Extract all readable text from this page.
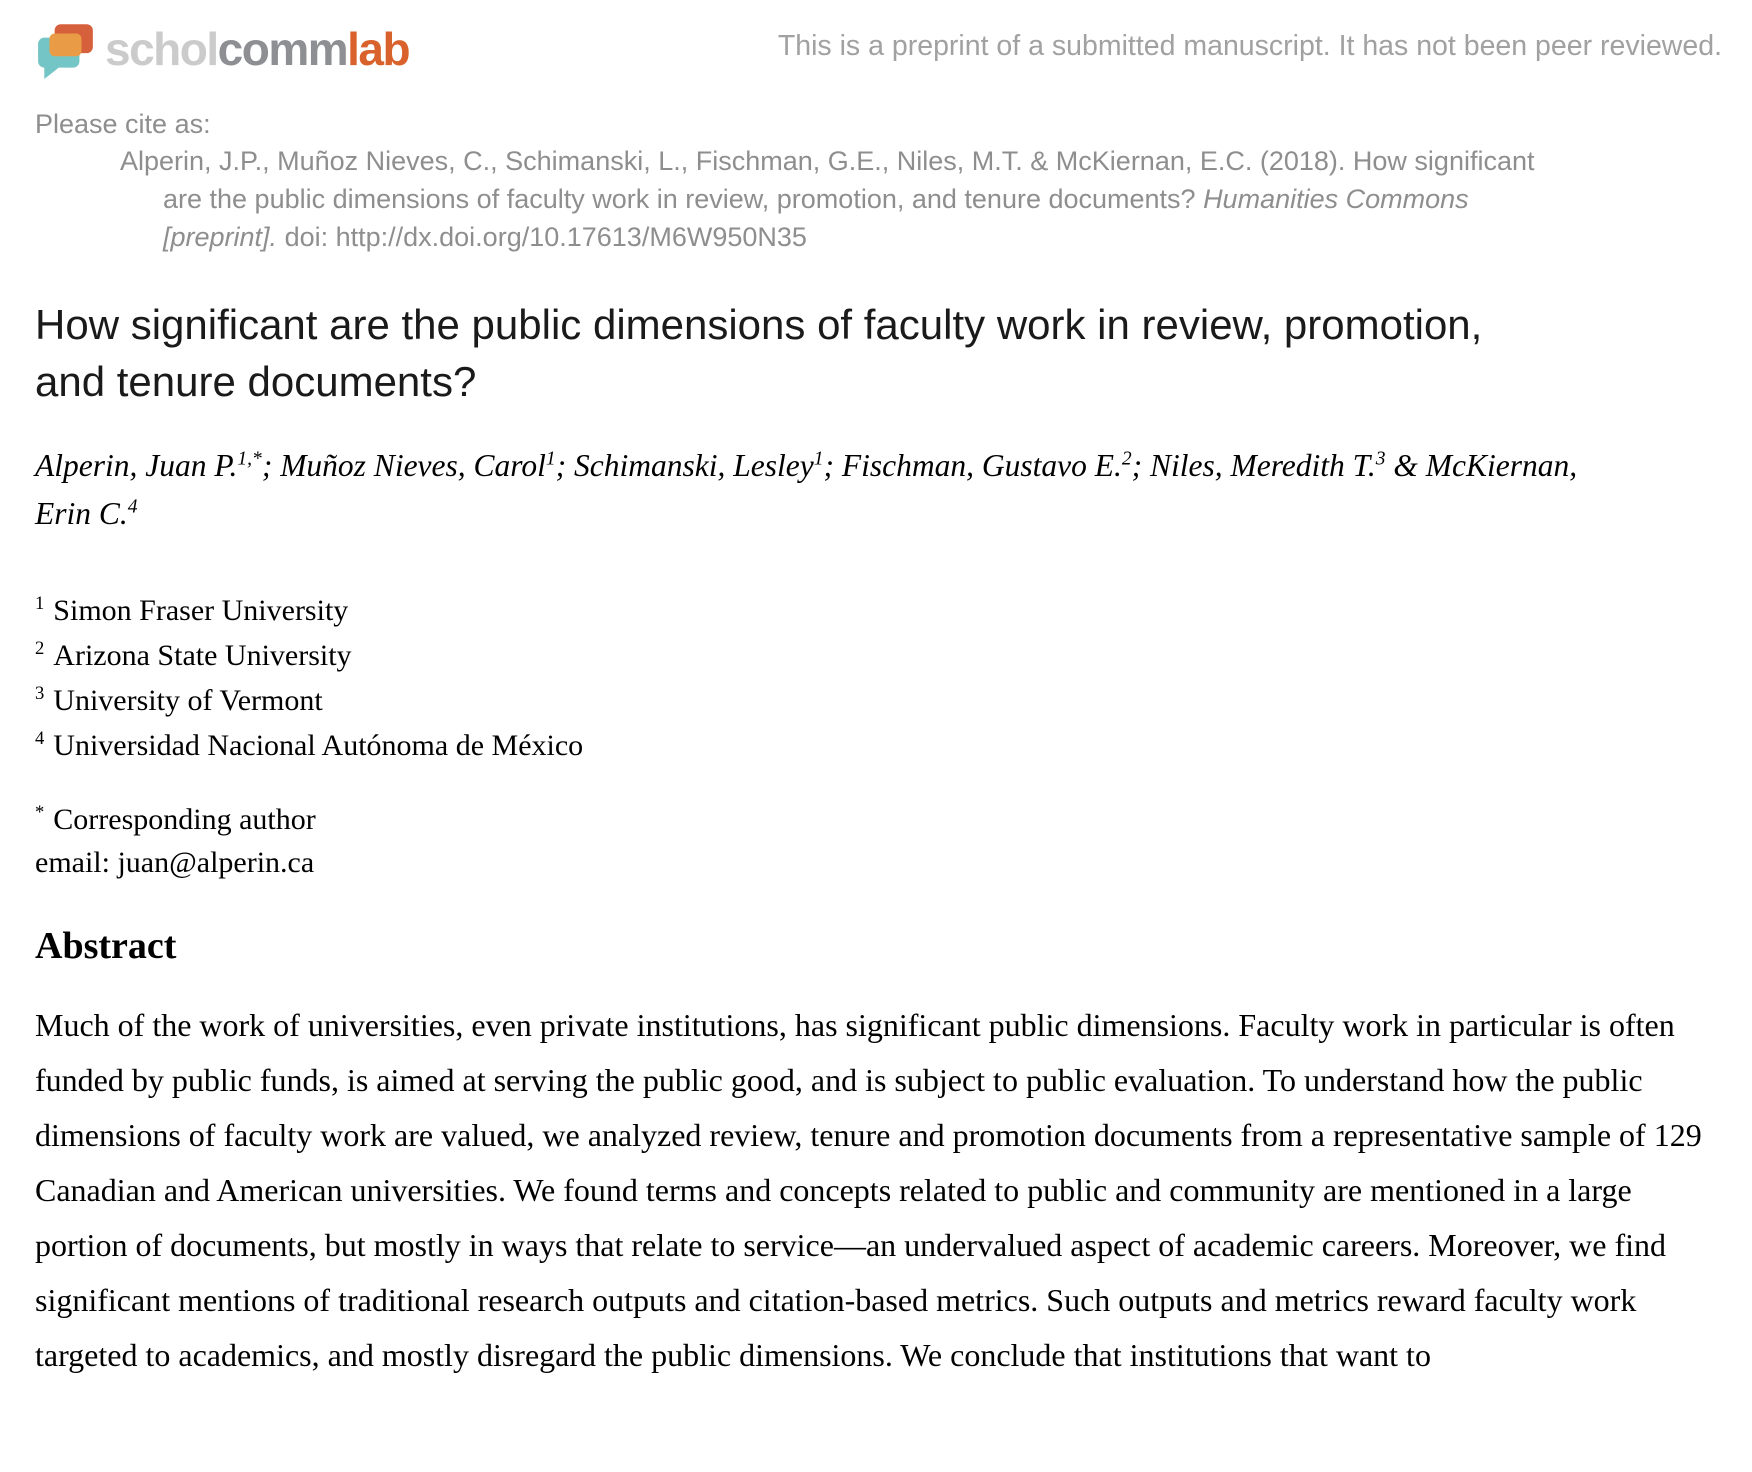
scholcommlab	This is a preprint of a submitted manuscript. It has not been peer reviewed.
Please cite as:

Alperin, J.P., Muñoz Nieves, C., Schimanski, L., Fischman, G.E., Niles, M.T. & McKiernan, E.C. (2018). How significant are the public dimensions of faculty work in review, promotion, and tenure documents? Humanities Commons [preprint]. doi: http://dx.doi.org/10.17613/M6W950N35

How significant are the public dimensions of faculty work in review, promotion, and tenure documents?

Alperin, Juan P.$^{1,*}$; Muñoz Nieves, Carol$^1$; Schimanski, Lesley$^1$; Fischman, Gustavo E.$^2$; Niles, Meredith T.$^3$ & McKiernan, Erin C.$^4$

$^1$ Simon Fraser University
$^2$ Arizona State University
$^3$ University of Vermont
$^4$ Universidad Nacional Autónoma de México
* Corresponding author
email: juan@alperin.ca
Abstract

Much of the work of universities, even private institutions, has significant public dimensions. Faculty work in particular is often funded by public funds, is aimed at serving the public good, and is subject to public evaluation. To understand how the public dimensions of faculty work are valued, we analyzed review, tenure and promotion documents from a representative sample of 129 Canadian and American universities. We found terms and concepts related to public and community are mentioned in a large portion of documents, but mostly in ways that relate to service—an undervalued aspect of academic careers. Moreover, we find significant mentions of traditional research outputs and citation-based metrics. Such outputs and metrics reward faculty work targeted to academics, and mostly disregard the public dimensions. We conclude that institutions that want to
